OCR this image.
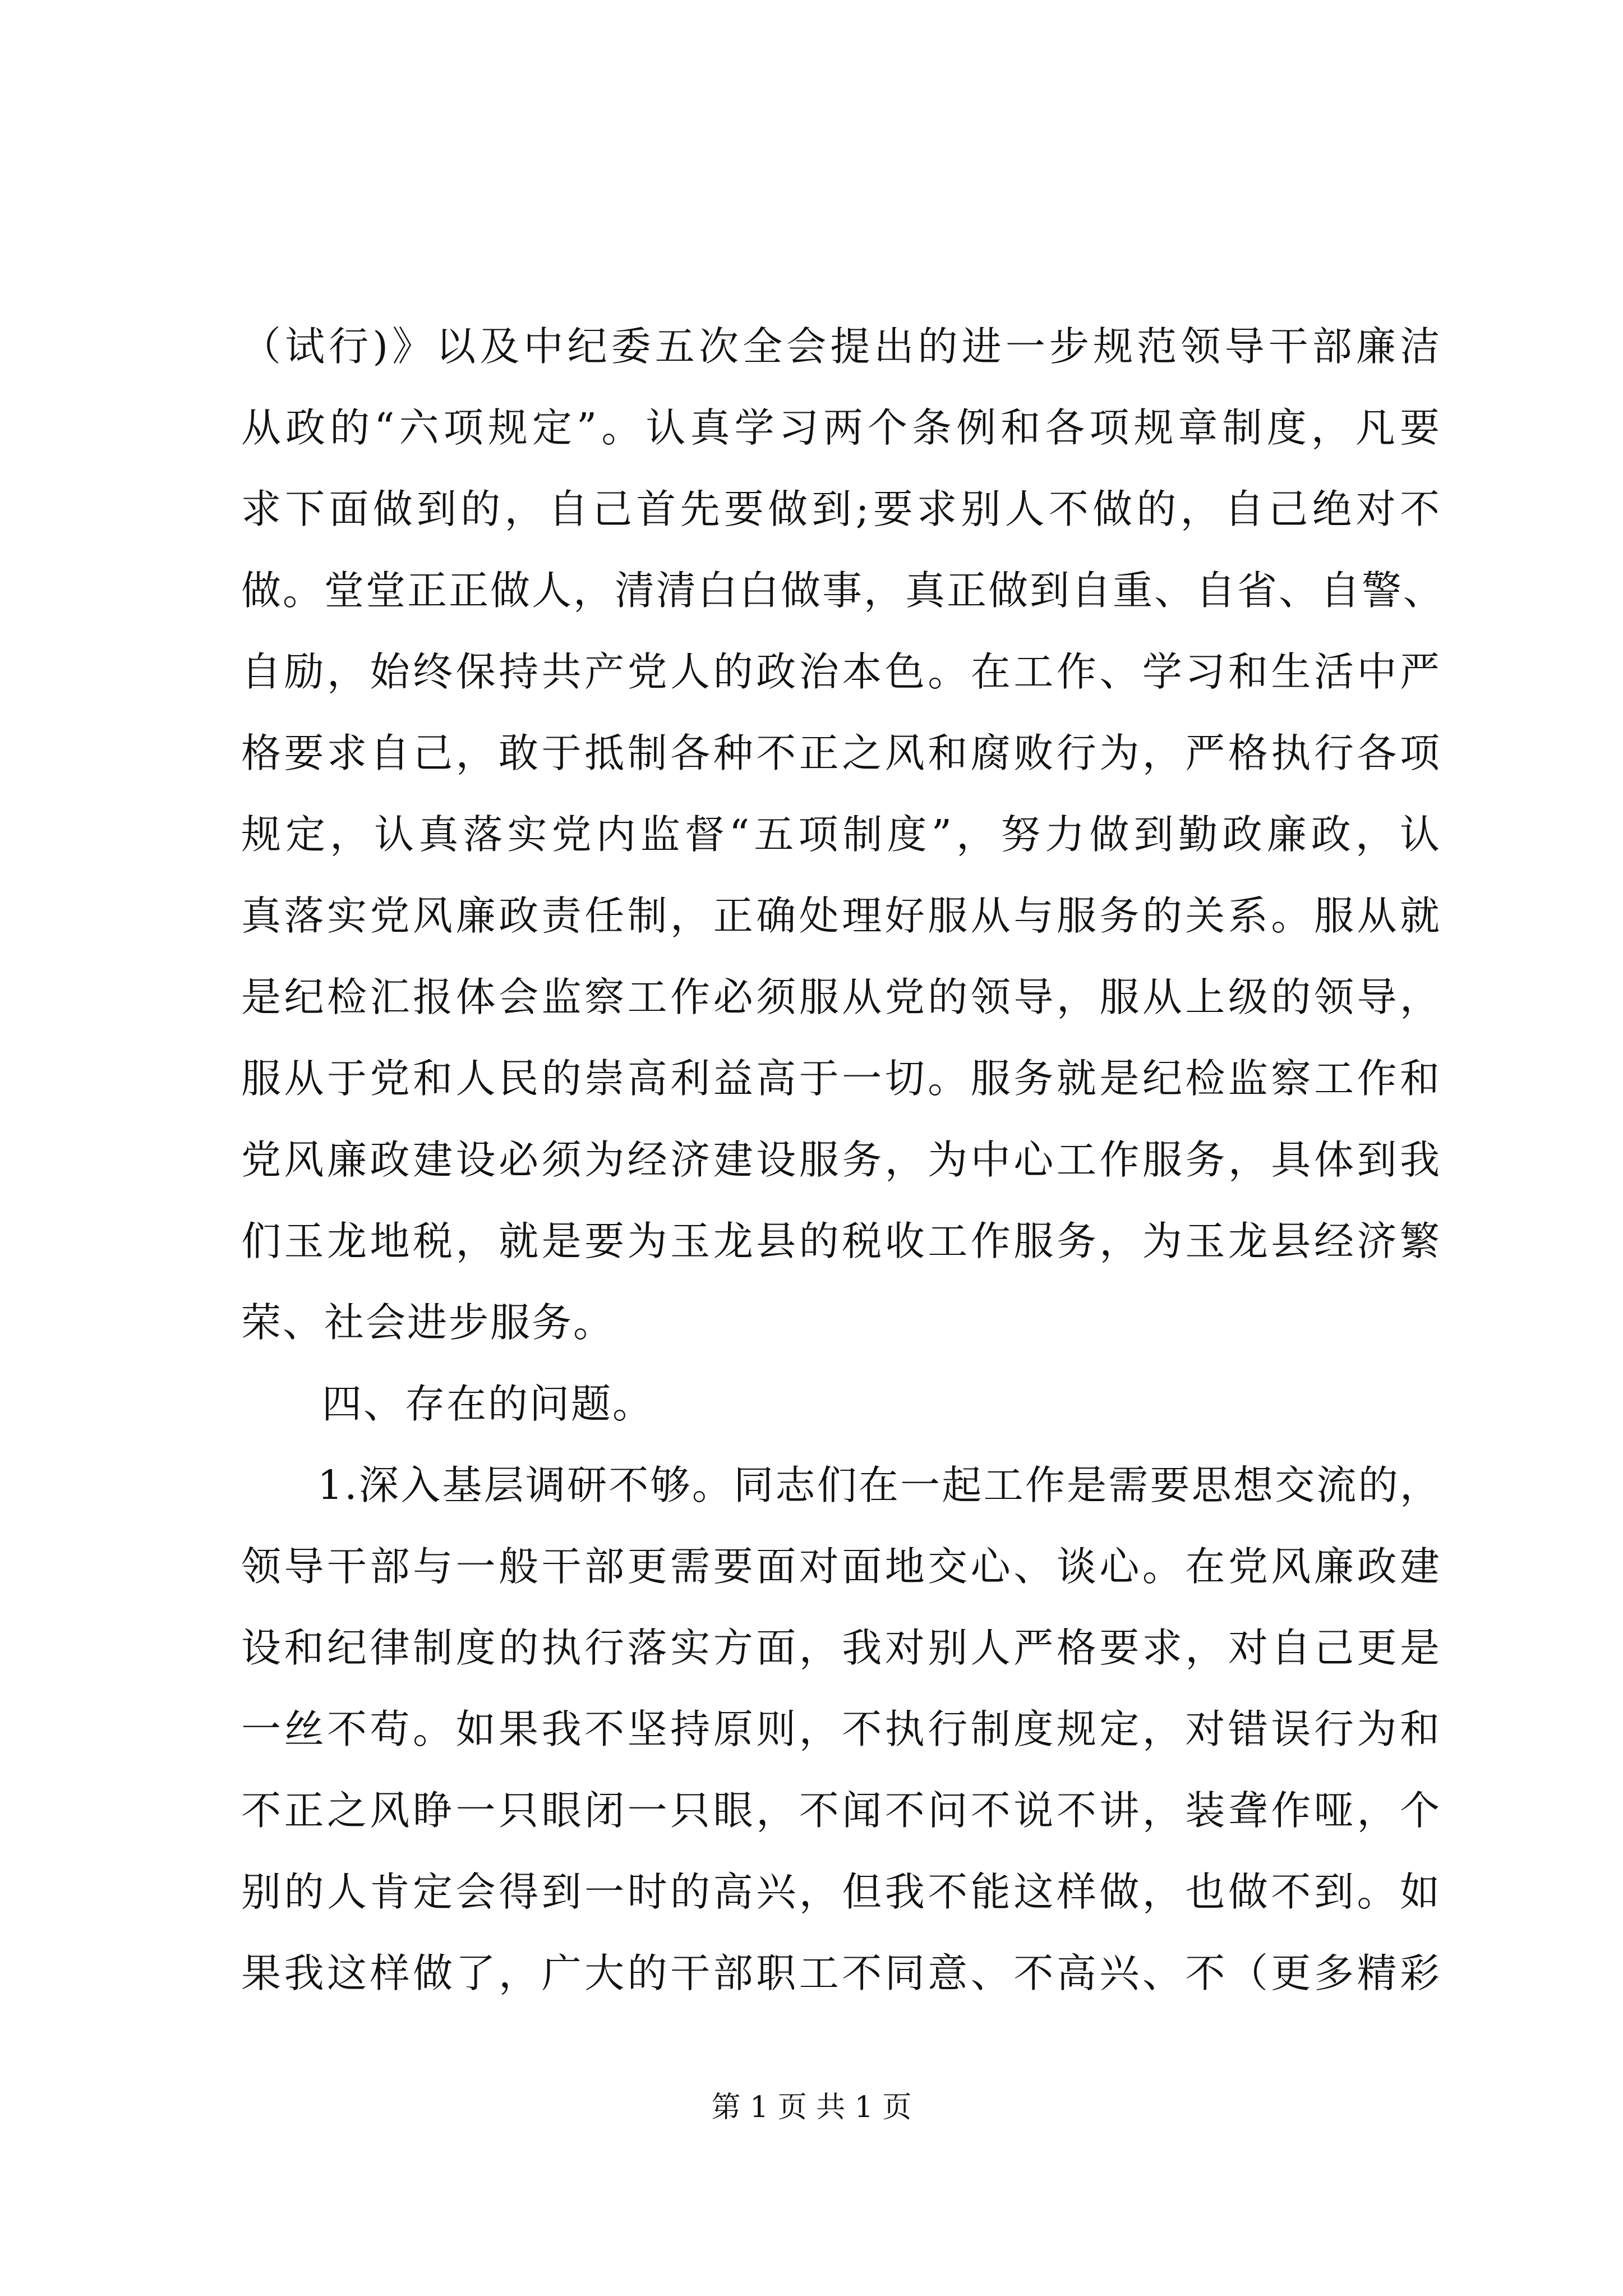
（试行)》以及中纪委五次全会提出的进一步规范领导干部廉洁
从政的“六项规定”。认真学习两个条例和各项规章制度，凡要
求下面做到的，自己首先要做到;要求别人不做的，自己绝对不
做。堂堂正正做人，清清白白做事，真正做到自重、自省、自警、
自励，始终保持共产党人的政治本色。在工作、学习和生活中严
格要求自己，敢于抵制各种不正之风和腐败行为，严格执行各项
规定，认真落实党内监督“五项制度”，努力做到勤政廉政，认
真落实党风廉政责任制，正确处理好服从与服务的关系。服从就
是纪检汇报体会监察工作必须服从党的领导，服从上级的领导，
服从于党和人民的崇高利益高于一切。服务就是纪检监察工作和
党风廉政建设必须为经济建设服务，为中心工作服务，具体到我
们玉龙地税，就是要为玉龙县的税收工作服务，为玉龙县经济繁
荣、社会进步服务。
四、存在的问题。
1.深入基层调研不够。同志们在一起工作是需要思想交流的，
领导干部与一般干部更需要面对面地交心、谈心。在党风廉政建
设和纪律制度的执行落实方面，我对别人严格要求，对自己更是
一丝不苟。如果我不坚持原则，不执行制度规定，对错误行为和
不正之风睁一只眼闭一只眼，不闻不问不说不讲，装聋作哑，个
别的人肯定会得到一时的高兴，但我不能这样做，也做不到。如
果我这样做了，广大的干部职工不同意、不高兴、不（更多精彩
第 1 页 共 1 页
